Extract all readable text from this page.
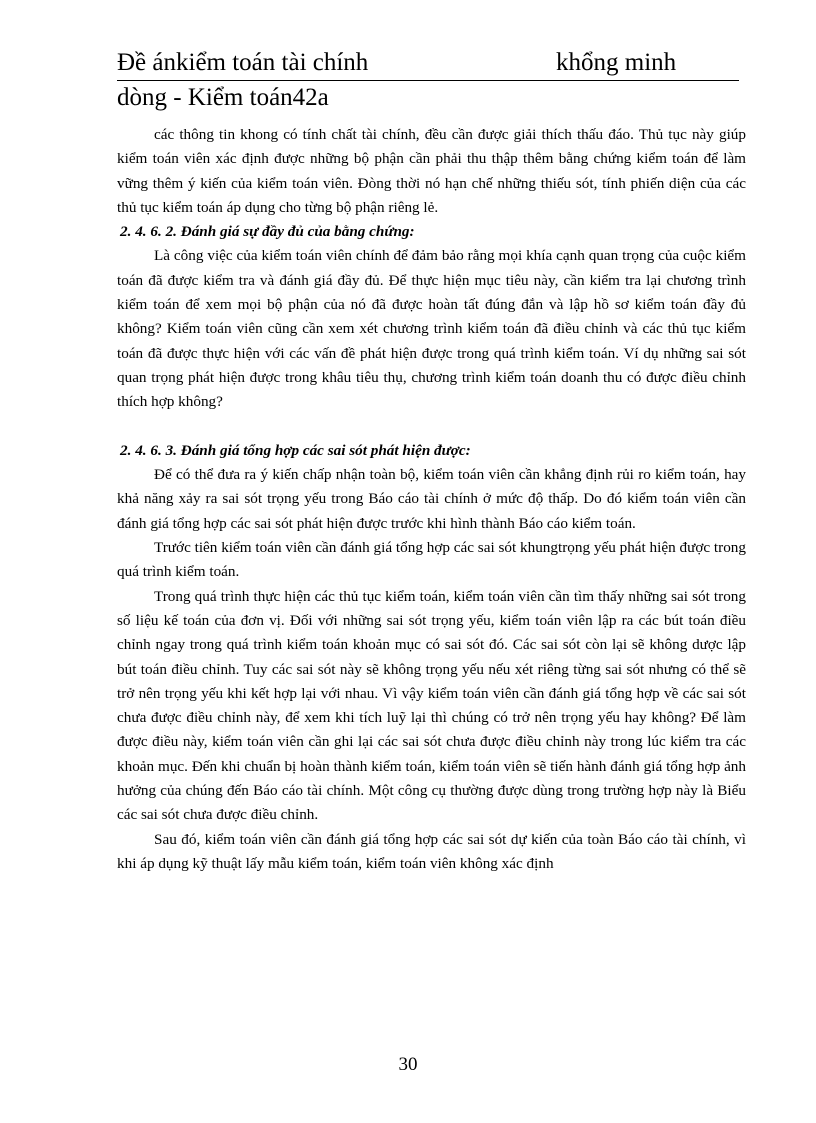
Đề ánkiểm toán tài chính	khổng minh
dòng - Kiểm toán42a

các thông tin khong có tính chất tài chính, đều cần được giải thích thấu đáo. Thủ tục này giúp kiểm toán viên xác định được những bộ phận cần phải thu thập thêm bằng chứng kiểm toán để làm vững thêm ý kiến của kiểm toán viên. Đòng thời nó hạn chế những thiếu sót, tính phiến diện của các thủ tục kiểm toán áp dụng cho từng bộ phận riêng lẻ.

2. 4. 6. 2. Đánh giá sự đầy đủ của bằng chứng:

Là công việc của kiểm toán viên chính để đảm bảo rằng mọi khía cạnh quan trọng của cuộc kiểm toán đã được kiểm tra và đánh giá đầy đủ. Để thực hiện mục tiêu này, cần kiểm tra lại chương trình kiểm toán để xem mọi bộ phận của nó đã được hoàn tất đúng đắn và lập hồ sơ kiểm toán đầy đủ không? Kiểm toán viên cũng cần xem xét chương trình kiểm toán đã điều chỉnh và các thủ tục kiểm toán đã được thực hiện với các vấn đề phát hiện được trong quá trình kiểm toán. Ví dụ những sai sót quan trọng phát hiện được trong khâu tiêu thụ, chương trình kiểm toán doanh thu có được điều chỉnh thích hợp không?

2. 4. 6. 3. Đánh giá tổng hợp các sai sót phát hiện được:

Để có thể đưa ra ý kiến chấp nhận toàn bộ, kiểm toán viên cần khẳng định rủi ro kiểm toán, hay khả năng xảy ra sai sót trọng yếu trong Báo cáo tài chính ở mức độ thấp. Do đó kiểm toán viên cần đánh giá tổng hợp các sai sót phát hiện được trước khi hình thành Báo cáo kiểm toán.

Trước tiên kiểm toán viên cần đánh giá tổng hợp các sai sót khungtrọng yếu phát hiện được trong quá trình kiểm toán.

Trong quá trình thực hiện các thủ tục kiểm toán, kiểm toán viên cần tìm thấy những sai sót trong số liệu kế toán của đơn vị. Đối với những sai sót trọng yếu, kiểm toán viên lập ra các bút toán điều chỉnh ngay trong quá trình kiểm toán khoản mục có sai sót đó. Các sai sót còn lại sẽ không dược lập bút toán điều chỉnh. Tuy các sai sót này sẽ không trọng yếu nếu xét riêng từng sai sót nhưng có thể sẽ trở nên trọng yếu khi kết hợp lại với nhau. Vì vậy kiểm toán viên cần đánh giá tổng hợp về các sai sót chưa được điều chỉnh này, để xem khi tích luỹ lại thì chúng có trở nên trọng yếu hay không? Để làm được điều này, kiểm toán viên cần ghi lại các sai sót chưa được điều chỉnh này trong lúc kiểm tra các khoản mục. Đến khi chuẩn bị hoàn thành kiểm toán, kiểm toán viên sẽ tiến hành đánh giá tổng hợp ảnh hưởng của chúng đến Báo cáo tài chính. Một công cụ thường được dùng trong trường hợp này là Biểu các sai sót chưa được điều chỉnh.

Sau đó, kiểm toán viên cần đánh giá tổng hợp các sai sót dự kiến của toàn Báo cáo tài chính, vì khi áp dụng kỹ thuật lấy mẫu kiểm toán, kiểm toán viên không xác định

30
